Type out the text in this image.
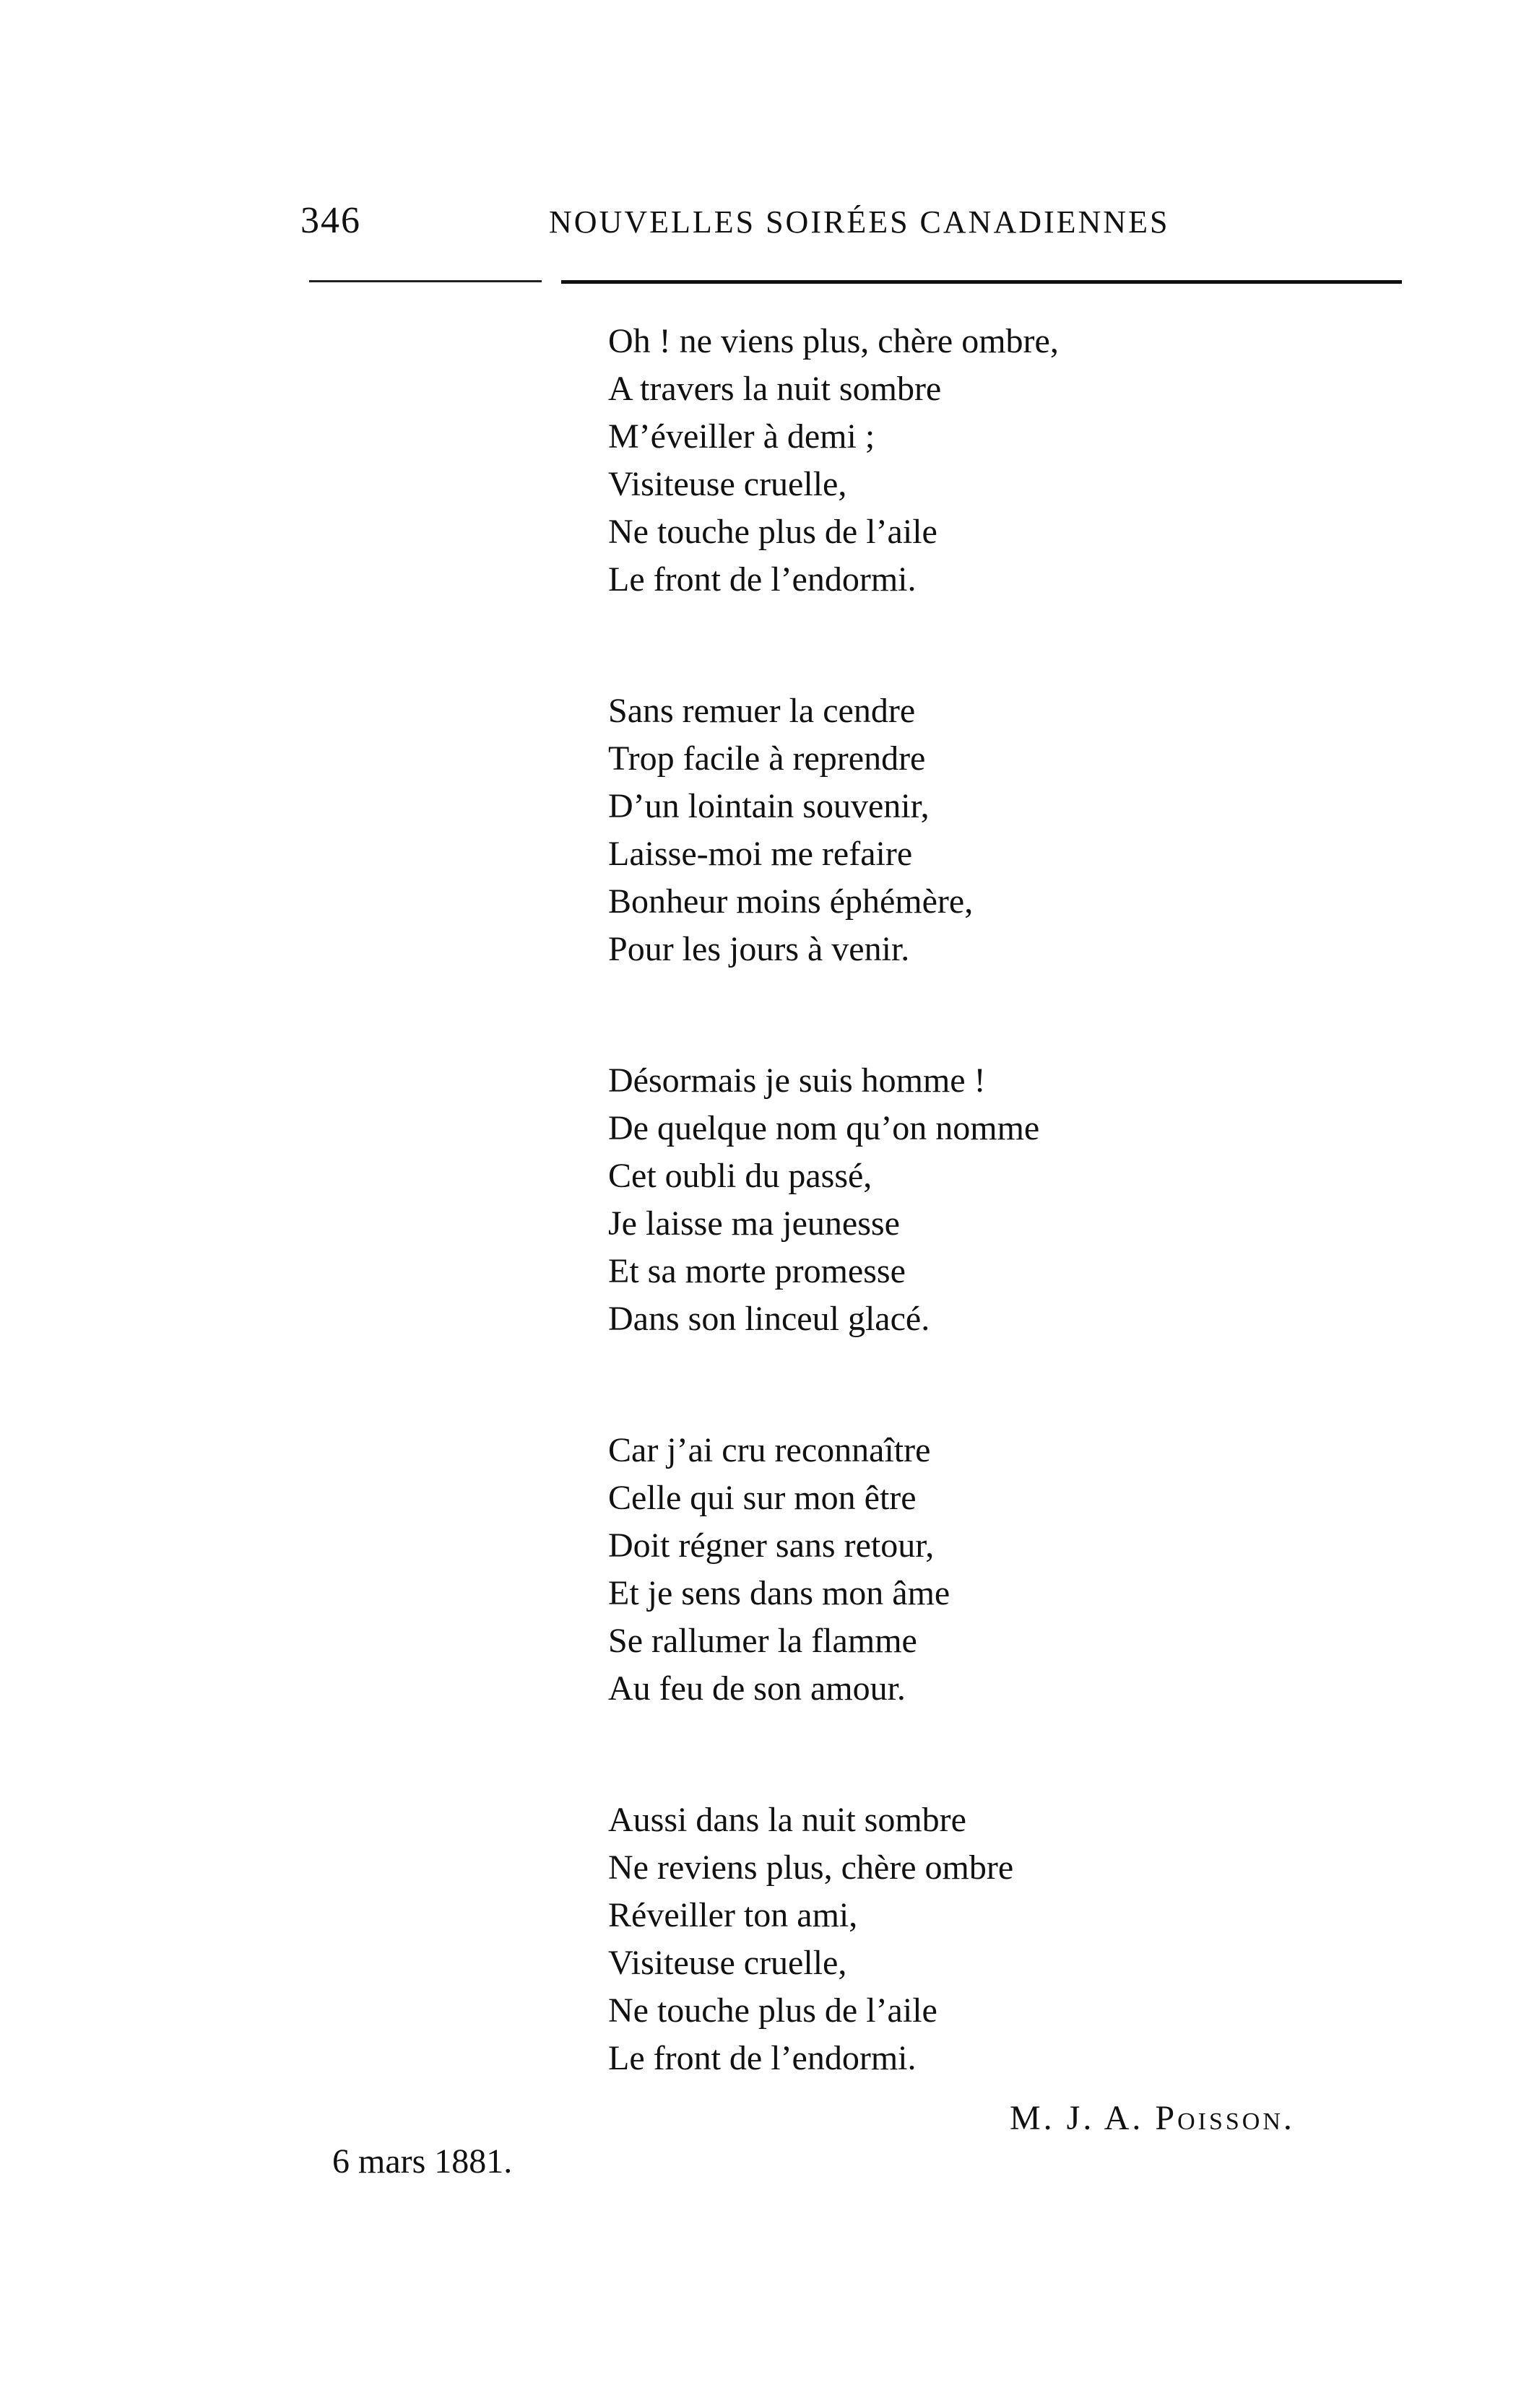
346	NOUVELLES SOIRÉES CANADIENNES
Oh ! ne viens plus, chère ombre,
A travers la nuit sombre
M’éveiller à demi ;
Visiteuse cruelle,
Ne touche plus de l’aile
Le front de l’endormi.
Sans remuer la cendre
Trop facile à reprendre
D’un lointain souvenir,
Laisse-moi me refaire
Bonheur moins éphémère,
Pour les jours à venir.
Désormais je suis homme !
De quelque nom qu’on nomme
Cet oubli du passé,
Je laisse ma jeunesse
Et sa morte promesse
Dans son linceul glacé.
Car j’ai cru reconnaître
Celle qui sur mon être
Doit régner sans retour,
Et je sens dans mon âme
Se rallumer la flamme
Au feu de son amour.
Aussi dans la nuit sombre
Ne reviens plus, chère ombre
Réveiller ton ami,
Visiteuse cruelle,
Ne touche plus de l’aile
Le front de l’endormi.
M. J. A. Poisson.
6 mars 1881.
